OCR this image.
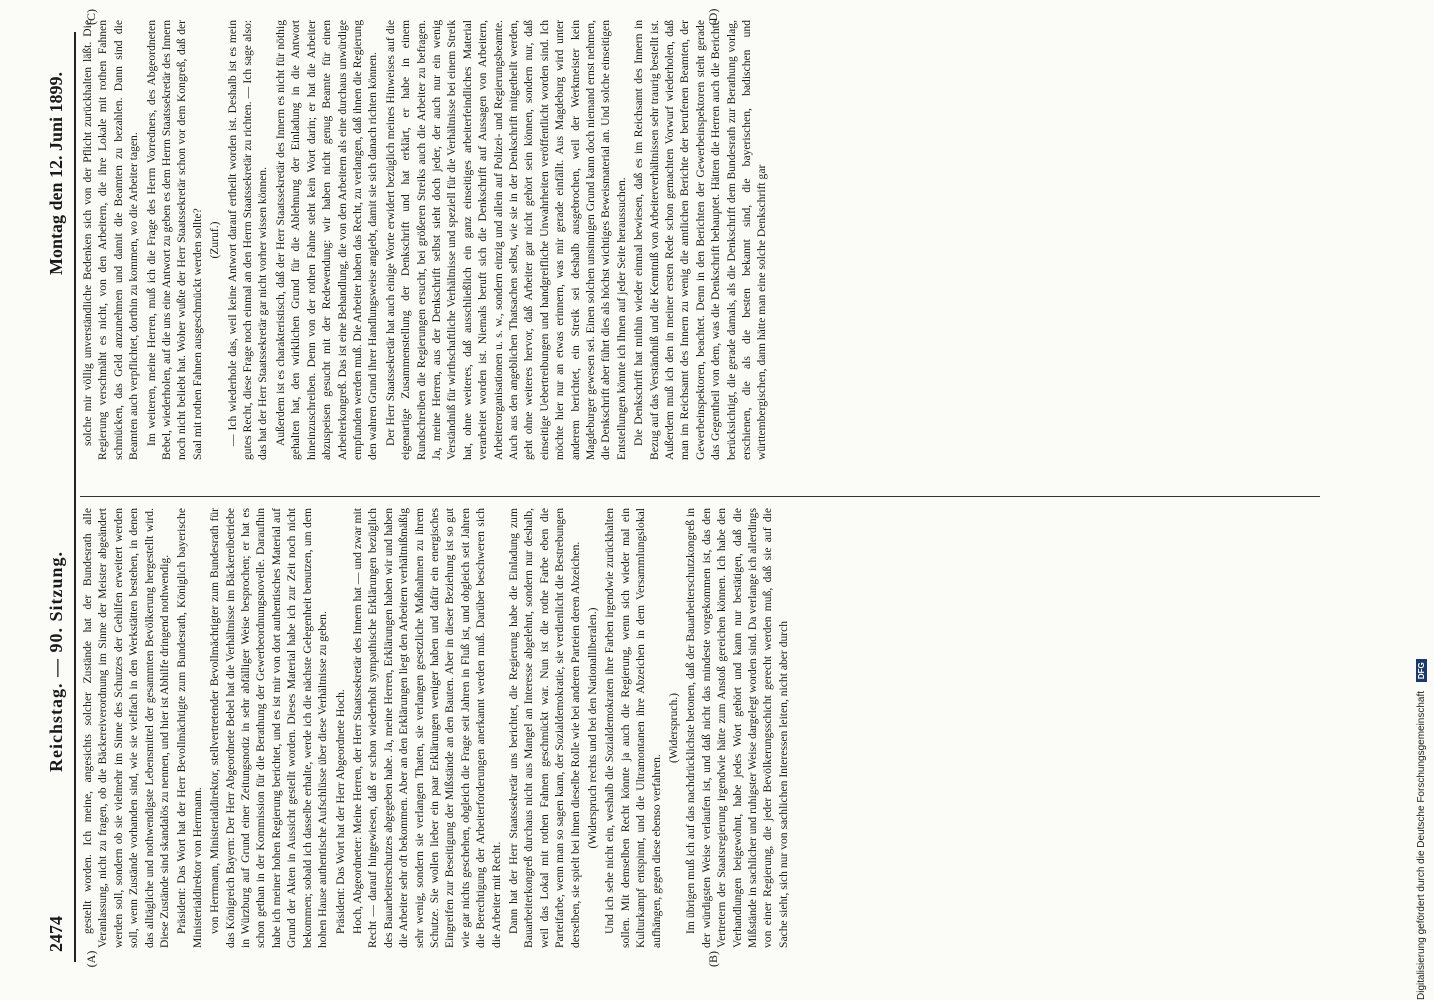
2474
Reichstag. — 90. Sitzung.
Montag den 12. Juni 1899.

gestellt worden. Ich meine, angesichts solcher Zustände hat der Bundesrath alle Veranlassung, nicht zu fragen, ob die Bäckereiverordnung im Sinne der Meister abgeändert werden soll, sondern ob sie vielmehr im Sinne des Schutzes der Gehilfen erweitert werden soll, wenn Zustände vorhanden sind, wie sie vielfach in den Werkstätten bestehen, in denen das alltägliche und nothwendigste Lebensmittel der gesammten Bevölkerung hergestellt wird. Diese Zustände sind skandalös zu nennen, und hier ist Abhilfe dringend nothwendig. Präsident: Das Wort hat der Herr Bevollmächtigte zum Bundesrath, Königlich bayerische Ministerialdirektor von Herrmann. von Herrmann, Ministerialdirektor, stellvertretender Bevollmächtigter zum Bundesrath für das Königreich Bayern: Der Herr Abgeordnete Bebel hat die Verhältnisse im Bäckereibetriebe in Würzburg auf Grund einer Zeitungsnotiz in sehr abfälliger Weise besprochen; er hat es schon gethan in der Kommission für die Berathung der Gewerbeordnungsnovelle. Daraufhin habe ich meiner hohen Regierung berichtet, und es ist mir von dort authentisches Material auf Grund der Akten in Aussicht gestellt worden. Dieses Material habe ich zur Zeit noch nicht bekommen; sobald ich dasselbe erhalte, werde ich die nächste Gelegenheit benutzen, um dem hohen Hause authentische Aufschlüsse über diese Verhältnisse zu geben. Präsident: Das Wort hat der Herr Abgeordnete Hoch. Hoch, Abgeordneter: Meine Herren, der Herr Staatssekretär des Innern hat — und zwar mit Recht — darauf hingewiesen, daß er schon wiederholt sympathische Erklärungen bezüglich des Bauarbeiterschutzes abgegeben habe. Ja, meine Herren, Erklärungen haben wir und haben die Arbeiter sehr oft bekommen. Aber an den Erklärungen liegt den Arbeitern verhältnißmäßig sehr wenig, sondern sie verlangen Thaten, sie verlangen gesetzliche Maßnahmen zu ihrem Schutze. Sie wollen lieber ein paar Erklärungen weniger haben und dafür ein energisches Eingreifen zur Beseitigung der Mißstände an den Bauten. Aber in dieser Beziehung ist so gut wie gar nichts geschehen, obgleich die Frage seit Jahren in Fluß ist, und obgleich seit Jahren die Berechtigung der Arbeiterforderungen anerkannt werden muß. Darüber beschweren sich die Arbeiter mit Recht. Dann hat der Herr Staatssekretär uns berichtet, die Regierung habe die Einladung zum Bauarbeiterkongreß durchaus nicht aus Mangel an Interesse abgelehnt, sondern nur deshalb, weil das Lokal mit rothen Fahnen geschmückt war. Nun ist die rothe Farbe eben die Parteifarbe, wenn man so sagen kann, der Sozialdemokratie, sie verdienlicht die Bestrebungen derselben, sie spielt bei ihnen dieselbe Rolle wie bei anderen Parteien deren Abzeichen. (Widerspruch rechts und bei den Nationalliberalen.) Und ich sehe nicht ein, weshalb die Sozialdemokraten ihre Farben irgendwie zurückhalten sollen. Mit demselben Recht könnte ja auch die Regierung, wenn sich wieder mal ein Kulturkampf entspinnt, und die Ultramontanen ihre Abzeichen in dem Versammlungslokal aufhängen, gegen diese ebenso verfahren.

(Widerspruch.) Im übrigen muß ich auf das nachdrücklichste betonen, daß der Bauarbeiterschutzkongreß in der würdigsten Weise verlaufen ist, und daß nicht das mindeste vorgekommen ist, das den Vertretern der Staatsregierung irgendwie hätte zum Anstoß gereichen können. Ich habe den Verhandlungen beigewohnt, habe jedes Wort gehört und kann nur bestätigen, daß die Mißstände in sachlicher und ruhigster Weise dargelegt worden sind. Da verlange ich allerdings von einer Regierung, die jeder Bevölkerungsschicht gerecht werden muß, daß sie auf die Sache sieht, sich nur von sachlichen Interessen leiten, nicht aber durch

solche mir völlig unverständliche Bedenken sich von der Pflicht zurückhalten läßt. Die Regierung verschmäht es nicht, von den Arbeitern, die ihre Lokale mit rothen Fahnen schmücken, das Geld anzunehmen und damit die Beamten zu bezahlen. Dann sind die Beamten auch verpflichtet, dorthin zu kommen, wo die Arbeiter tagen. Im weiteren, meine Herren, muß ich die Frage des Herrn Vorredners, des Abgeordneten Bebel, wiederholen, auf die uns eine Antwort zu geben es dem Herrn Staatssekretär des Innern noch nicht beliebt hat. Woher wußte der Herr Staatssekretär schon vor dem Kongreß, daß der Saal mit rothen Fahnen ausgeschmückt werden sollte? (Zuruf.) — Ich wiederhole das, weil keine Antwort darauf ertheilt worden ist. Deshalb ist es mein gutes Recht, diese Frage noch einmal an den Herrn Staatssekretär zu richten. — Ich sage also: das hat der Herr Staatssekretär gar nicht vorher wissen können. Außerdem ist es charakteristisch, daß der Herr Staatssekretär des Innern es nicht für nöthig gehalten hat, den wirklichen Grund für die Ablehnung der Einladung in die Antwort hineinzuschreiben. Denn von der rothen Fahne steht kein Wort darin; er hat die Arbeiter abzuspeisen gesucht mit der Redewendung: wir haben nicht genug Beamte für einen Arbeiterkongreß. Das ist eine Behandlung, die von den Arbeitern als eine durchaus unwürdige empfunden werden muß. Die Arbeiter haben das Recht, zu verlangen, daß ihnen die Regierung den wahren Grund ihrer Handlungsweise angiebt, damit sie sich danach richten können. Der Herr Staatssekretär hat auch einige Worte erwidert bezüglich meines Hinweises auf die eigenartige Zusammenstellung der Denkschrift und hat erklärt, er habe in einem Rundschreiben die Regierungen ersucht, bei größeren Streiks auch die Arbeiter zu befragen. Ja, meine Herren, aus der Denkschrift selbst sieht doch jeder, der auch nur ein wenig Verständniß für wirthschaftliche Verhältnisse und speziell für die Verhältnisse bei einem Streik hat, ohne weiteres, daß ausschließlich ein ganz einseitiges arbeiterfeindliches Material verarbeitet worden ist. Niemals beruft sich die Denkschrift auf Aussagen von Arbeitern, Arbeiterorganisationen u. s. w., sondern einzig und allein auf Polizei- und Regierungsbeamte. Auch aus den angeblichen Thatsachen selbst, wie sie in der Denkschrift mitgetheilt werden, geht ohne weiteres hervor, daß Arbeiter gar nicht gehört sein können, sondern nur, daß einseitige Uebertreibungen und handgreifliche Unwahrheiten veröffentlicht worden sind. Ich möchte hier nur an etwas erinnern, was mir gerade einfällt. Aus Magdeburg wird unter anderem berichtet, ein Streik sei deshalb ausgebrochen, weil der Werkmeister kein Magdeburger gewesen sei. Einen solchen unsinnigen Grund kann doch niemand ernst nehmen, die Denkschrift aber führt dies als höchst wichtiges Beweismaterial an. Und solche einseitigen Entstellungen könnte ich Ihnen auf jeder Seite heraussuchen. Die Denkschrift hat mithin wieder einmal bewiesen, daß es im Reichsamt des Innern in Bezug auf das Verständniß und die Kenntniß von Arbeiterverhältnissen sehr traurig bestellt ist. Außerdem muß ich den in meiner ersten Rede schon gemachten Vorwurf wiederholen, daß man im Reichsamt des Innern zu wenig die amtlichen Berichte der berufenen Beamten, der Gewerbeinspektoren, beachtet. Denn in den Berichten der Gewerbeinspektoren steht gerade das Gegentheil von dem, was die Denkschrift behauptet. Hätten die Herren auch die Berichte berücksichtigt, die gerade damals, als die Denkschrift dem Bundesrath zur Berathung vorlag, erschienen, die als die besten bekannt sind, die bayerischen, badischen und württembergischen, dann hätte man eine solche Denkschrift gar

(A)	(B)
(C)	(D)
Digitalisierung gefördert durch die Deutsche Forschungsgemeinschaft DFG
